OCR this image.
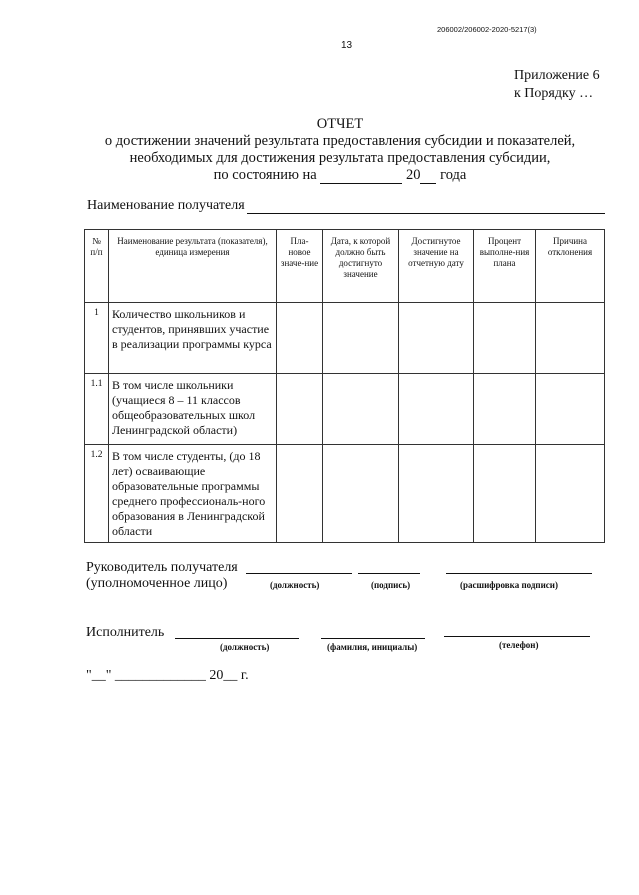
206002/206002-2020-5217(3)
13
Приложение 6
к Порядку …
ОТЧЕТ
о достижении значений результата предоставления субсидии и показателей,
необходимых для достижения результата предоставления субсидии,
по состоянию на	20 года
Наименование получателя
№ п/п	Наименование результата (показателя), единица измерения	Пла-новое значе-ние	Дата, к которой должно быть достигнуто значение	Достигнутое значение на отчетную дату	Процент выполне-ния плана	Причина отклонения
1	Количество школьников и студентов, принявших участие в реализации программы курса					
1.1	В том числе школьники (учащиеся 8 – 11 классов общеобразовательных школ Ленинградской области)					
1.2	В том числе студенты, (до 18 лет) осваивающие образовательные программы среднего профессиональ-ного образования в Ленинградской области					
Руководитель получателя
(уполномоченное лицо)	(должность)	(подпись)	(расшифровка подписи)
Исполнитель
(должность)	(фамилия, инициалы)	(телефон)
"__" _____________ 20__ г.
